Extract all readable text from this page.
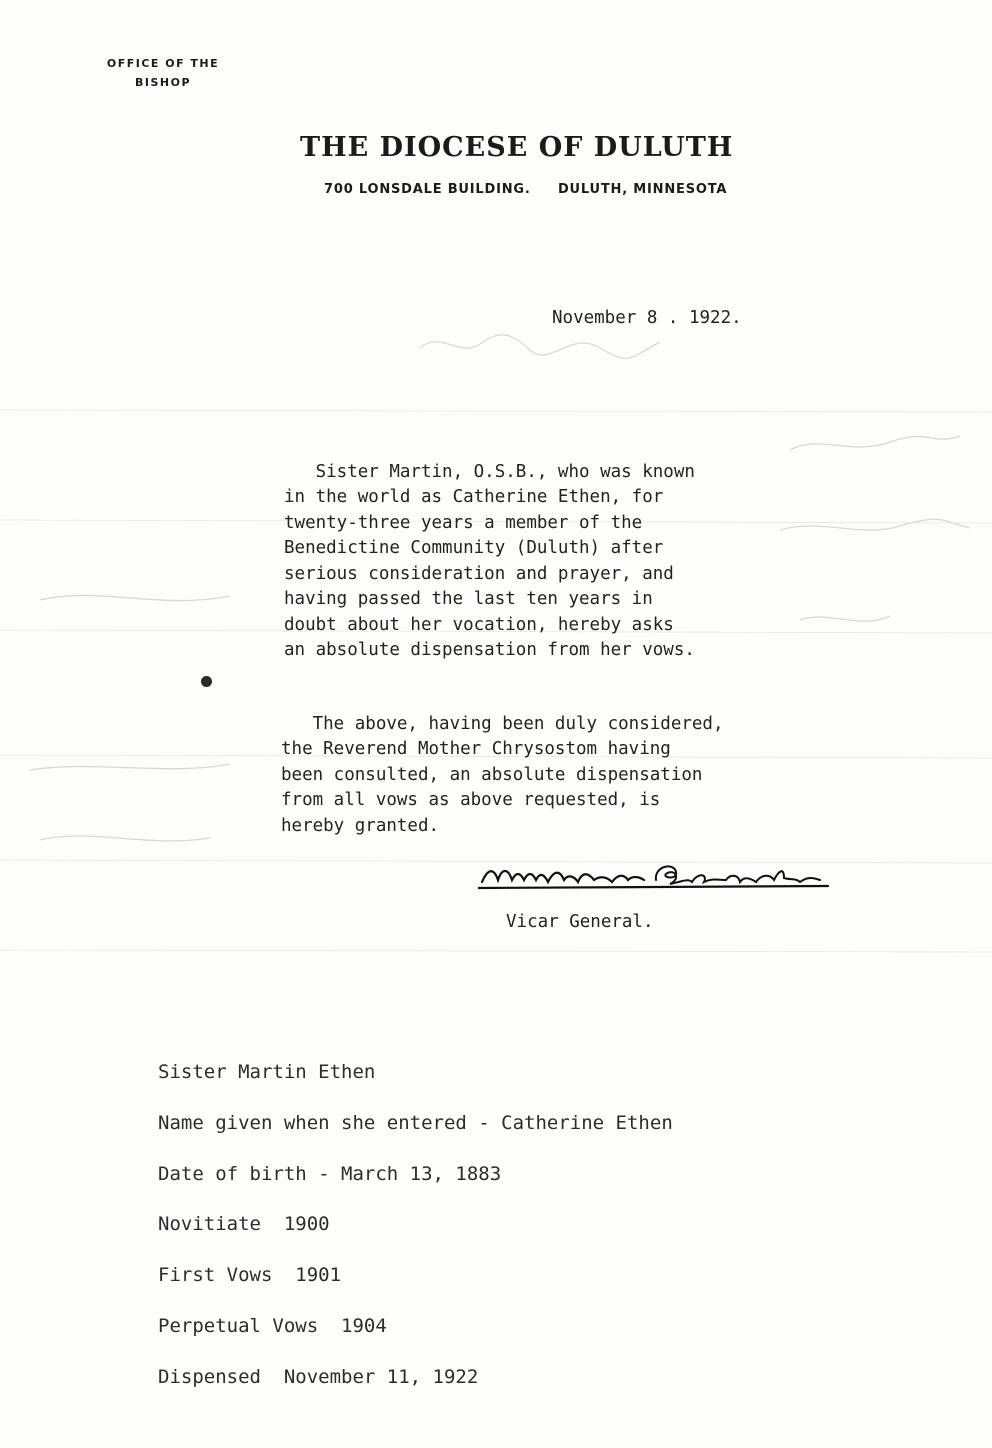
OFFICE OF THE
BISHOP
THE DIOCESE OF DULUTH
700 LONSDALE BUILDING. DULUTH, MINNESOTA
November 8 . 1922.

Sister Martin, O.S.B., who was known
in the world as Catherine Ethen, for
twenty-three years a member of the
Benedictine Community (Duluth) after
serious consideration and prayer, and
having passed the last ten years in
doubt about her vocation, hereby asks
an absolute dispensation from her vows.

The above, having been duly considered,
the Reverend Mother Chrysostom having
been consulted, an absolute dispensation
from all vows as above requested, is
hereby granted.

Vicar General.
Sister Martin Ethen
Name given when she entered - Catherine Ethen
Date of birth - March 13, 1883
Novitiate  1900
First Vows  1901
Perpetual Vows  1904
Dispensed  November 11, 1922
